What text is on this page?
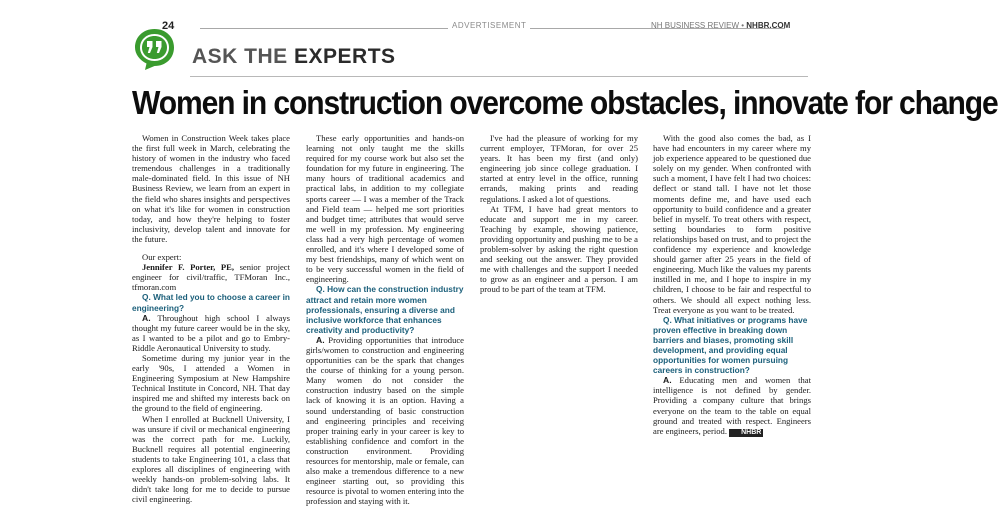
24	ADVERTISEMENT	NH BUSINESS REVIEW • NHBR.COM
ASK THE EXPERTS
Women in construction overcome obstacles, innovate for change

Women in Construction Week takes place the first full week in March, celebrating the history of women in the industry who faced tremendous challenges in a traditionally male-dominated field. In this issue of NH Business Review, we learn from an expert in the field who shares insights and perspectives on what it's like for women in construction today, and how they're helping to foster inclusivity, develop talent and innovate for the future.

Our expert:

Jennifer F. Porter, PE, senior project engineer for civil/traffic, TFMoran Inc., tfmoran.com

Q. What led you to choose a career in engineering?

A. Throughout high school I always thought my future career would be in the sky, as I wanted to be a pilot and go to Embry-Riddle Aeronautical University to study.

Sometime during my junior year in the early '90s, I attended a Women in Engineering Symposium at New Hampshire Technical Institute in Concord, NH. That day inspired me and shifted my interests back on the ground to the field of engineering.

When I enrolled at Bucknell University, I was unsure if civil or mechanical engineering was the correct path for me. Luckily, Bucknell requires all potential engineering students to take Engineering 101, a class that explores all disciplines of engineering with weekly hands-on problem-solving labs. It didn't take long for me to decide to pursue civil engineering.

These early opportunities and hands-on learning not only taught me the skills required for my course work but also set the foundation for my future in engineering. The many hours of traditional academics and practical labs, in addition to my collegiate sports career — I was a member of the Track and Field team — helped me sort priorities and budget time; attributes that would serve me well in my profession. My engineering class had a very high percentage of women enrolled, and it's where I developed some of my best friendships, many of which went on to be very successful women in the field of engineering.

Q. How can the construction industry attract and retain more women professionals, ensuring a diverse and inclusive workforce that enhances creativity and productivity?

A. Providing opportunities that introduce girls/women to construction and engineering opportunities can be the spark that changes the course of thinking for a young person. Many women do not consider the construction industry based on the simple lack of knowing it is an option. Having a sound understanding of basic construction and engineering principles and receiving proper training early in your career is key to establishing confidence and comfort in the construction environment. Providing resources for mentorship, male or female, can also make a tremendous difference to a new engineer starting out, so providing this resource is pivotal to women entering into the profession and staying with it.

I've had the pleasure of working for my current employer, TFMoran, for over 25 years. It has been my first (and only) engineering job since college graduation. I started at entry level in the office, running errands, making prints and reading regulations. I asked a lot of questions.

At TFM, I have had great mentors to educate and support me in my career. Teaching by example, showing patience, providing opportunity and pushing me to be a problem-solver by asking the right question and seeking out the answer. They provided me with challenges and the support I needed to grow as an engineer and a person. I am proud to be part of the team at TFM.

With the good also comes the bad, as I have had encounters in my career where my job experience appeared to be questioned due solely on my gender. When confronted with such a moment, I have felt I had two choices: deflect or stand tall. I have not let those moments define me, and have used each opportunity to build confidence and a greater belief in myself. To treat others with respect, setting boundaries to form positive relationships based on trust, and to project the confidence my experience and knowledge should garner after 25 years in the field of engineering. Much like the values my parents instilled in me, and I hope to inspire in my children, I choose to be fair and respectful to others. We should all expect nothing less. Treat everyone as you want to be treated.

Q. What initiatives or programs have proven effective in breaking down barriers and biases, promoting skill development, and providing equal opportunities for women pursuing careers in construction?

A. Educating men and women that intelligence is not defined by gender. Providing a company culture that brings everyone on the team to the table on equal ground and treated with respect. Engineers are engineers, period. NHBR
